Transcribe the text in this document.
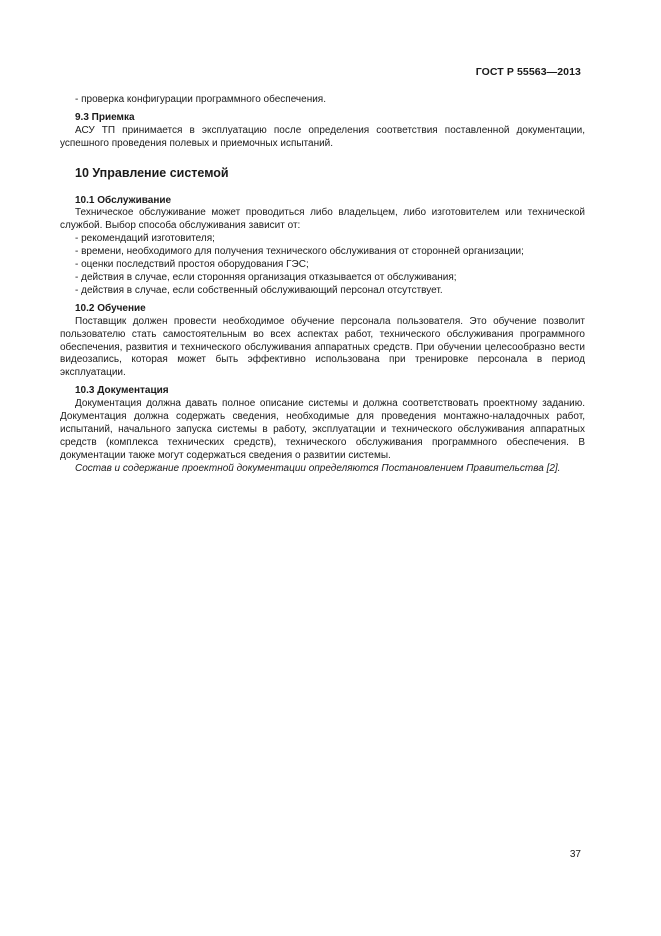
ГОСТ Р 55563—2013

- проверка конфигурации программного обеспечения.

9.3 Приемка

АСУ ТП принимается в эксплуатацию после определения соответствия поставленной документации, успешного проведения полевых и приемочных испытаний.

10 Управление системой

10.1 Обслуживание

Техническое обслуживание может проводиться либо владельцем, либо изготовителем или технической службой. Выбор способа обслуживания зависит от:

- рекомендаций изготовителя;

- времени, необходимого для получения технического обслуживания от сторонней организации;

- оценки последствий простоя оборудования ГЭС;

- действия в случае, если сторонняя организация отказывается от обслуживания;

- действия в случае, если собственный обслуживающий персонал отсутствует.

10.2 Обучение

Поставщик должен провести необходимое обучение персонала пользователя. Это обучение позволит пользователю стать самостоятельным во всех аспектах работ, технического обслуживания программного обеспечения, развития и технического обслуживания аппаратных средств. При обучении целесообразно вести видеозапись, которая может быть эффективно использована при тренировке персонала в период эксплуатации.

10.3 Документация

Документация должна давать полное описание системы и должна соответствовать проектному заданию. Документация должна содержать сведения, необходимые для проведения монтажно-наладочных работ, испытаний, начального запуска системы в работу, эксплуатации и технического обслуживания аппаратных средств (комплекса технических средств), технического обслуживания программного обеспечения. В документации также могут содержаться сведения о развитии системы.

Состав и содержание проектной документации определяются Постановлением Правительства [2].

37
